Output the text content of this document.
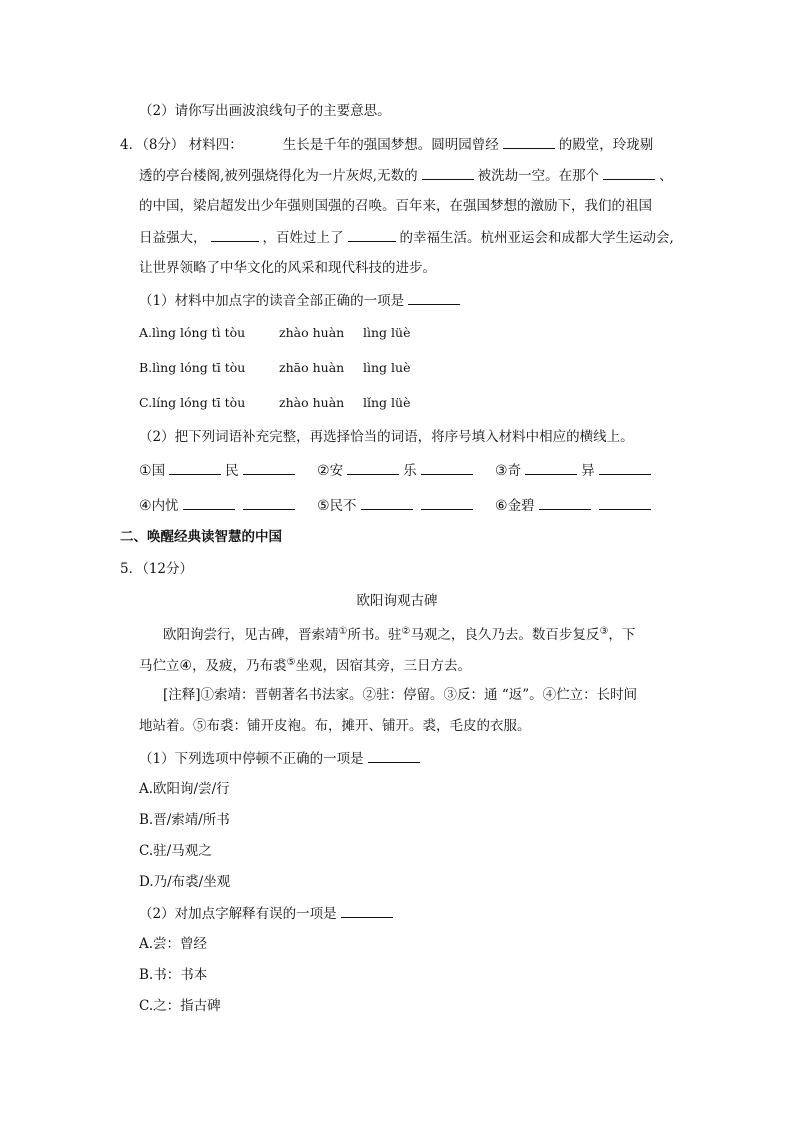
（2）请你写出画波浪线句子的主要意思。
4．（8分） 材料四：	生长是千年的强国梦想。圆明园曾经	的殿堂，玲珑剔
透的亭台楼阁,被列强烧得化为一片灰烬,无数的	被洗劫一空。在那个	、
的中国，梁启超发出少年强则国强的召唤。百年来，在强国梦想的激励下，我们的祖国
日益强大，	，百姓过上了	的幸福生活。杭州亚运会和成都大学生运动会,
让世界领略了中华文化的风采和现代科技的进步。
（1）材料中加点字的读音全部正确的一项是
A.lìng lóng tì tòu	zhào huàn lìng lüè
B.lìng lóng tī tòu	zhāo huàn lìng luè
C.líng lóng tī tòu	zhào huàn lǐng lüè
（2）把下列词语补充完整，再选择恰当的词语，将序号填入材料中相应的横线上。
①国	民	②安	乐	③奇	异
④内忧	⑤民不	⑥金碧
二、唤醒经典读智慧的中国
5．（12分）
欧阳询观古碑
欧阳询尝行，见古碑，晋索靖①所书。驻②马观之，良久乃去。数百步复反③，下
马伫立④，及疲，乃布裘⑤坐观，因宿其旁，三日方去。
[注释]①索靖：晋朝著名书法家。②驻：停留。③反：通 “返”。④伫立：长时间
地站着。⑤布裘：铺开皮袍。布，摊开、铺开。裘，毛皮的衣服。
（1）下列选项中停顿不正确的一项是
A.欧阳询/尝/行
B.晋/索靖/所书
C.驻/马观之
D.乃/布裘/坐观
（2）对加点字解释有误的一项是
A.尝：曾经
B.书：书本
C.之：指古碑
